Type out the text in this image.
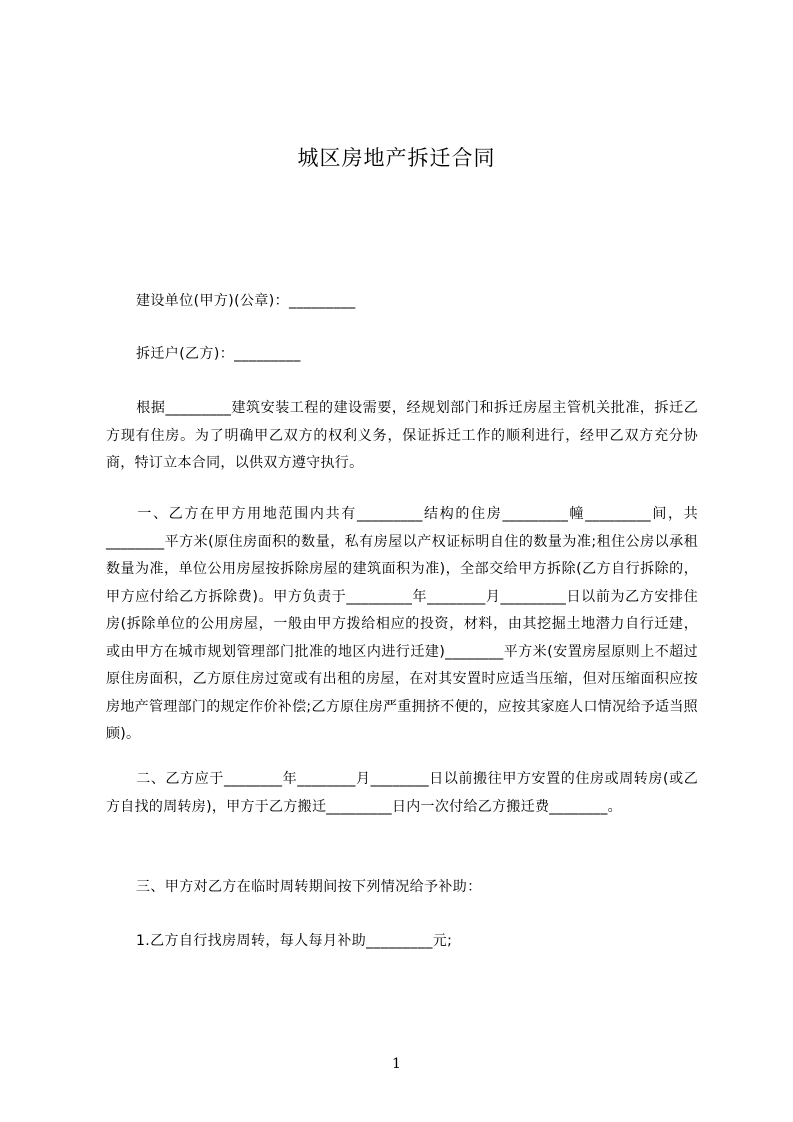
城区房地产拆迁合同
建设单位(甲方)(公章)：_________
拆迁户(乙方)：_________
根据_________建筑安装工程的建设需要，经规划部门和拆迁房屋主管机关批准，拆迁乙方现有住房。为了明确甲乙双方的权利义务，保证拆迁工作的顺利进行，经甲乙双方充分协商，特订立本合同，以供双方遵守执行。
一、乙方在甲方用地范围内共有_________结构的住房_________幢_________间，共________平方米(原住房面积的数量，私有房屋以产权证标明自住的数量为准;租住公房以承租数量为准，单位公用房屋按拆除房屋的建筑面积为准)，全部交给甲方拆除(乙方自行拆除的，甲方应付给乙方拆除费)。甲方负责于_________年________月_________日以前为乙方安排住房(拆除单位的公用房屋，一般由甲方拨给相应的投资，材料，由其挖掘土地潜力自行迁建，或由甲方在城市规划管理部门批准的地区内进行迁建)________平方米(安置房屋原则上不超过原住房面积，乙方原住房过宽或有出租的房屋，在对其安置时应适当压缩，但对压缩面积应按房地产管理部门的规定作价补偿;乙方原住房严重拥挤不便的，应按其家庭人口情况给予适当照顾)。
二、乙方应于________年________月________日以前搬往甲方安置的住房或周转房(或乙方自找的周转房)，甲方于乙方搬迁_________日内一次付给乙方搬迁费________。
三、甲方对乙方在临时周转期间按下列情况给予补助：
1.乙方自行找房周转，每人每月补助_________元;
1
